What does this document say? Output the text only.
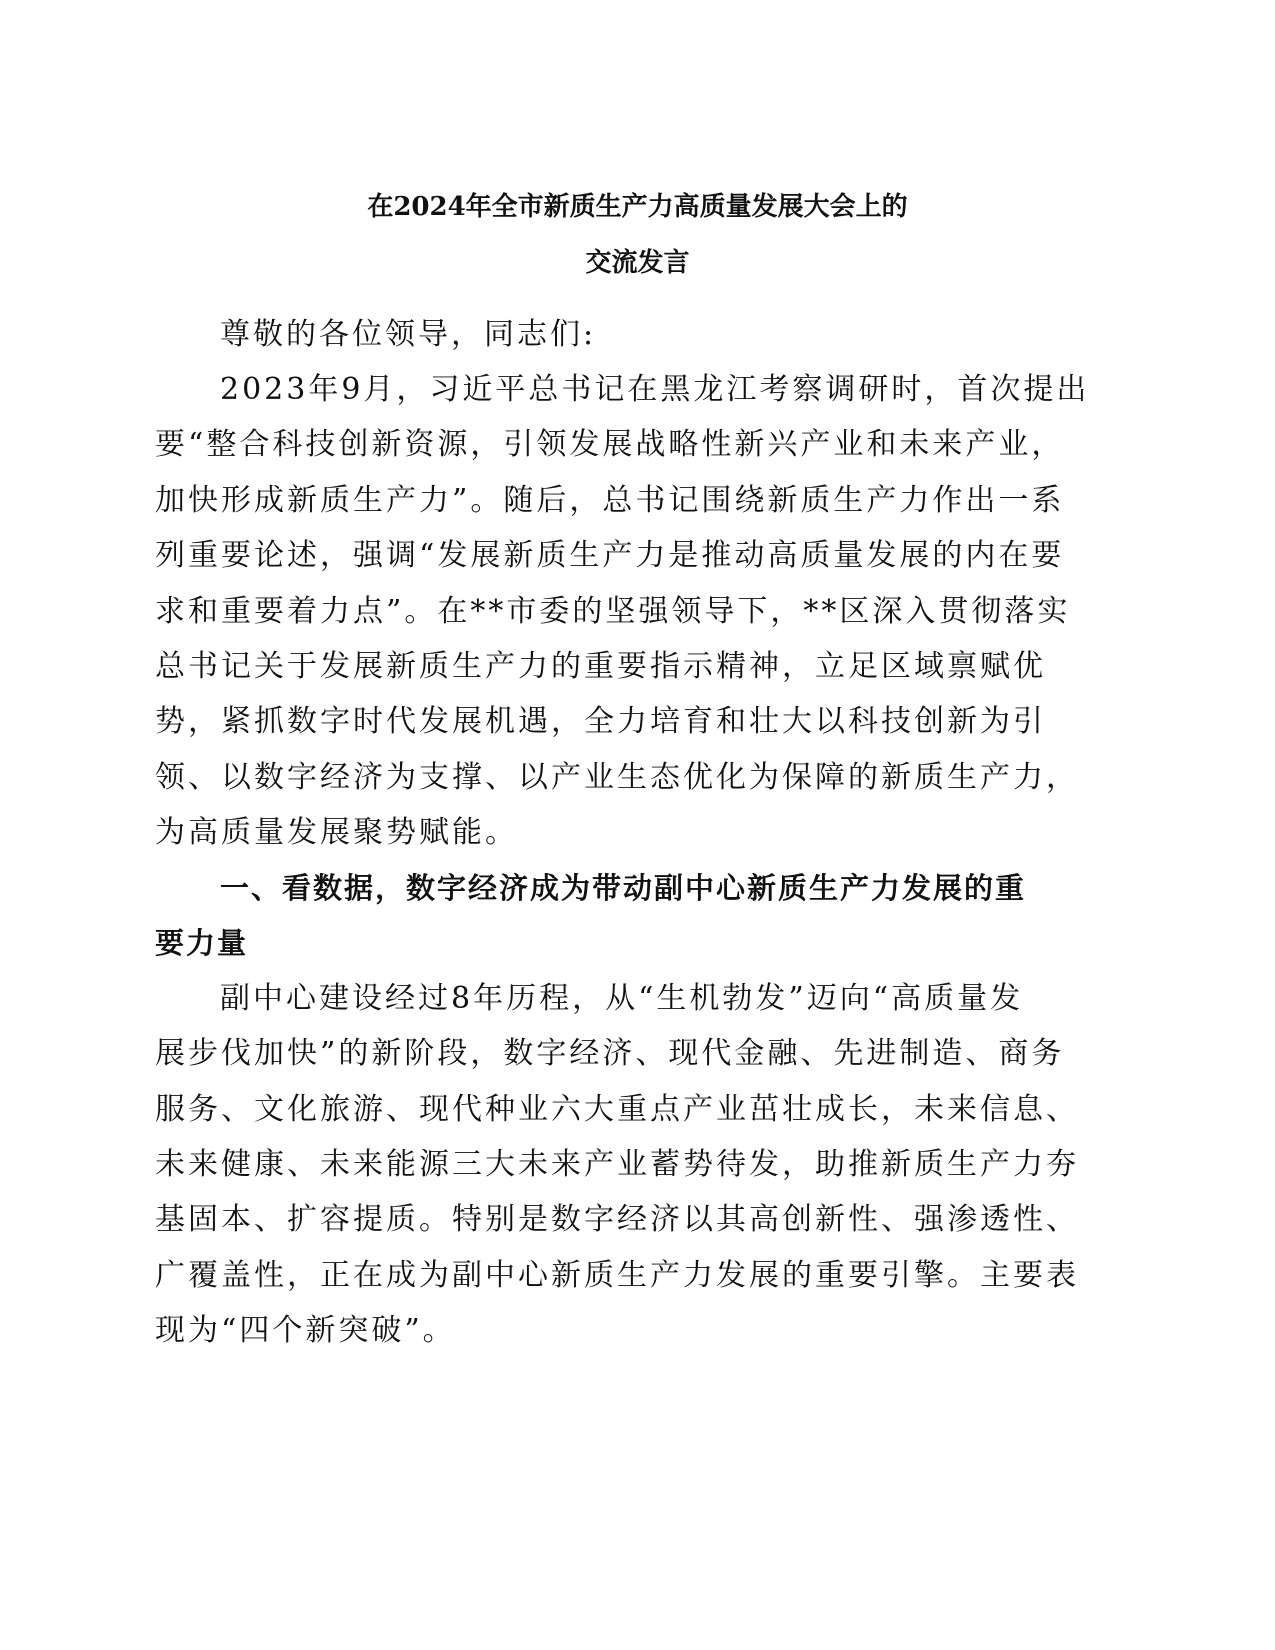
在2024年全市新质生产力高质量发展大会上的
交流发言
尊敬的各位领导，同志们:
2023年9月，习近平总书记在黑龙江考察调研时，首次提出
要“整合科技创新资源，引领发展战略性新兴产业和未来产业，
加快形成新质生产力”。随后，总书记围绕新质生产力作出一系
列重要论述，强调“发展新质生产力是推动高质量发展的内在要
求和重要着力点”。在**市委的坚强领导下，**区深入贯彻落实
总书记关于发展新质生产力的重要指示精神，立足区域禀赋优
势，紧抓数字时代发展机遇，全力培育和壮大以科技创新为引
领、以数字经济为支撑、以产业生态优化为保障的新质生产力，
为高质量发展聚势赋能。
一、看数据，数字经济成为带动副中心新质生产力发展的重
要力量
副中心建设经过8年历程，从“生机勃发”迈向“高质量发
展步伐加快”的新阶段，数字经济、现代金融、先进制造、商务
服务、文化旅游、现代种业六大重点产业茁壮成长，未来信息、
未来健康、未来能源三大未来产业蓄势待发，助推新质生产力夯
基固本、扩容提质。特别是数字经济以其高创新性、强渗透性、
广覆盖性，正在成为副中心新质生产力发展的重要引擎。主要表
现为“四个新突破”。
